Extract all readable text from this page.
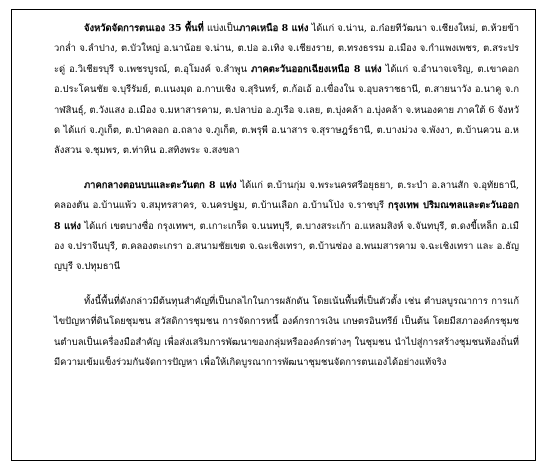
จังหวัดจัดการตนเอง 35 พื้นที่ แบ่งเป็นภาคเหนือ 8 แห่ง ได้แก่ จ.น่าน, อ.ก๋อยทีวัฒนา จ.เชียงใหม่, ต.ห้วยข้าวกล่ำ จ.ลำปาง, ต.บัวใหญ่ อ.นาน้อย จ.น่าน, ต.ปอ อ.เทิง จ.เชียงราย, ต.ทรงธรรม อ.เมือง จ.กำแพงเพชร, ต.สระประดู่ อ.วิเชียรบุรี จ.เพชรบูรณ์, ต.อุโมงค์ จ.ลำพูน ภาคตะวันออกเฉียงเหนือ 8 แห่ง ได้แก่ จ.อำนาจเจริญ, ต.เขาคอก อ.ประโคนชัย จ.บุรีรัมย์, ต.แนงมุด อ.กาบเชิง จ.สุรินทร์, ต.ก้อเอ้ อ.เขื่องใน จ.อุบลราชธานี, ต.สายนาวัง อ.นาคู จ.กาฬสินธุ์, ต.วังแสง อ.เมือง จ.มหาสารคาม, ต.ปลาบ่อ อ.ภูเรือ จ.เลย, ต.บุ่งคล้า อ.บุ่งคล้า จ.หนองคาย ภาคใต้ 6 จังหวัด ได้แก่ จ.ภูเก็ต, ต.ป่าคลอก อ.ถลาง จ.ภูเก็ต, ต.พรุพี อ.นาสาร จ.สุราษฎร์ธานี, ต.บางม่วง จ.พังงา, ต.บ้านควน อ.หลังสวน จ.ชุมพร, ต.ท่าหิน อ.สทิงพระ จ.สงขลา

ภาคกลางตอนบนและตะวันตก 8 แห่ง ได้แก่ ต.บ้านกุ่ม จ.พระนครศรีอยุธยา, ต.ระบำ อ.ลานสัก จ.อุทัยธานี, คลองตัน อ.บ้านแพ้ว จ.สมุทรสาคร, จ.นครปฐม, ต.บ้านเลือก อ.บ้านโป่ง จ.ราชบุรี กรุงเทพ ปริมณฑลและตะวันออก 8 แห่ง ได้แก่ เขตบางซื่อ กรุงเทพฯ, ต.เกาะเกร็ด จ.นนทบุรี, ต.บางสระเก้า อ.แหลมสิงห์ จ.จันทบุรี, ต.ดงขี้เหล็ก อ.เมือง จ.ปราจีนบุรี, ต.คลองตะเกรา อ.สนามชัยเขต จ.ฉะเชิงเทรา, ต.บ้านซ่อง อ.พนมสารคาม จ.ฉะเชิงเทรา และ อ.ธัญญบุรี จ.ปทุมธานี

ทั้งนี้พื้นที่ดังกล่าวมีต้นทุนสำคัญที่เป็นกลไกในการผลักดัน โดยเน้นพื้นที่เป็นตัวตั้ง เช่น ตำบลบูรณาการ การแก้ไขปัญหาที่ดินโดยชุมชน สวัสดิการชุมชน การจัดการหนี้ องค์กรการเงิน เกษตรอินทรีย์ เป็นต้น โดยมีสภาองค์กรชุมชนตำบลเป็นเครื่องมือสำคัญ เพื่อส่งเสริมการพัฒนาของกลุ่มหรือองค์กรต่างๆ ในชุมชน นำไปสู่การสร้างชุมชนท้องถิ่นที่มีความเข้มแข็งร่วมกันจัดการปัญหา เพื่อให้เกิดบูรณาการพัฒนาชุมชนจัดการตนเองได้อย่างแท้จริง
